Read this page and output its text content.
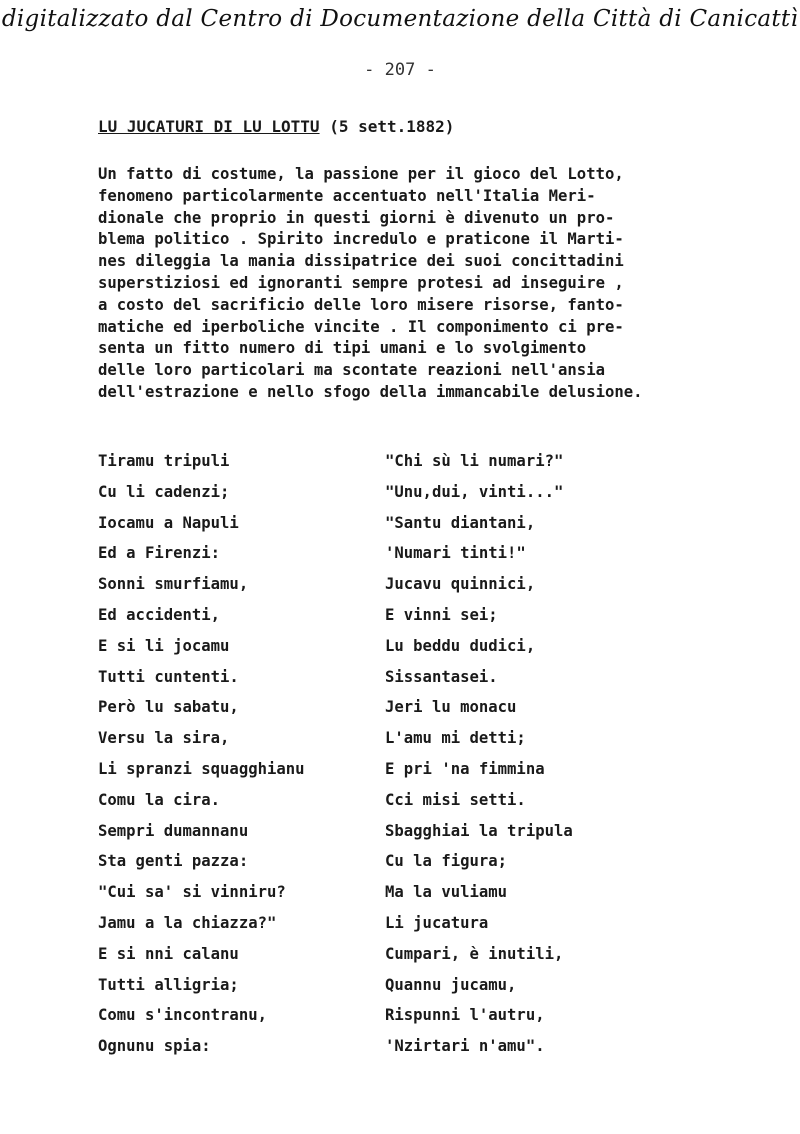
digitalizzato dal Centro di Documentazione della Città di Canicattì
- 207 -
LU JUCATURI DI LU LOTTU (5 sett.1882)
Un fatto di costume, la passione per il gioco del Lotto,
fenomeno particolarmente accentuato nell'Italia Meri-
dionale che proprio in questi giorni è divenuto un pro-
blema politico . Spirito incredulo e praticone il Marti-
nes dileggia la mania dissipatrice dei suoi concittadini
superstiziosi ed ignoranti sempre protesi ad inseguire ,
a costo del sacrificio delle loro misere risorse, fanto-
matiche ed iperboliche vincite . Il componimento ci pre-
senta un fitto numero di tipi umani e lo svolgimento
delle loro particolari ma scontate reazioni nell'ansia
dell'estrazione e nello sfogo della immancabile delusione.
Tiramu tripuli	"Chi sù li numari?"
Cu li cadenzi;	"Unu,dui, vinti..."
Iocamu a Napuli	"Santu diantani,
Ed a Firenzi:	'Numari tinti!"
Sonni smurfiamu,	Jucavu quinnici,
Ed accidenti,	E vinni sei;
E si li jocamu	Lu beddu dudici,
Tutti cuntenti.	Sissantasei.
Però lu sabatu,	Jeri lu monacu
Versu la sira,	L'amu mi detti;
Li spranzi squagghianu	E pri 'na fimmina
Comu la cira.	Cci misi setti.
Sempri dumannanu	Sbagghiai la tripula
Sta genti pazza:	Cu la figura;
"Cui sa' si vinniru?	Ma la vuliamu
Jamu a la chiazza?"	Li jucatura
E si nni calanu	Cumpari, è inutili,
Tutti alligria;	Quannu jucamu,
Comu s'incontranu,	Rispunni l'autru,
Ognunu spia:	'Nzirtari n'amu".
